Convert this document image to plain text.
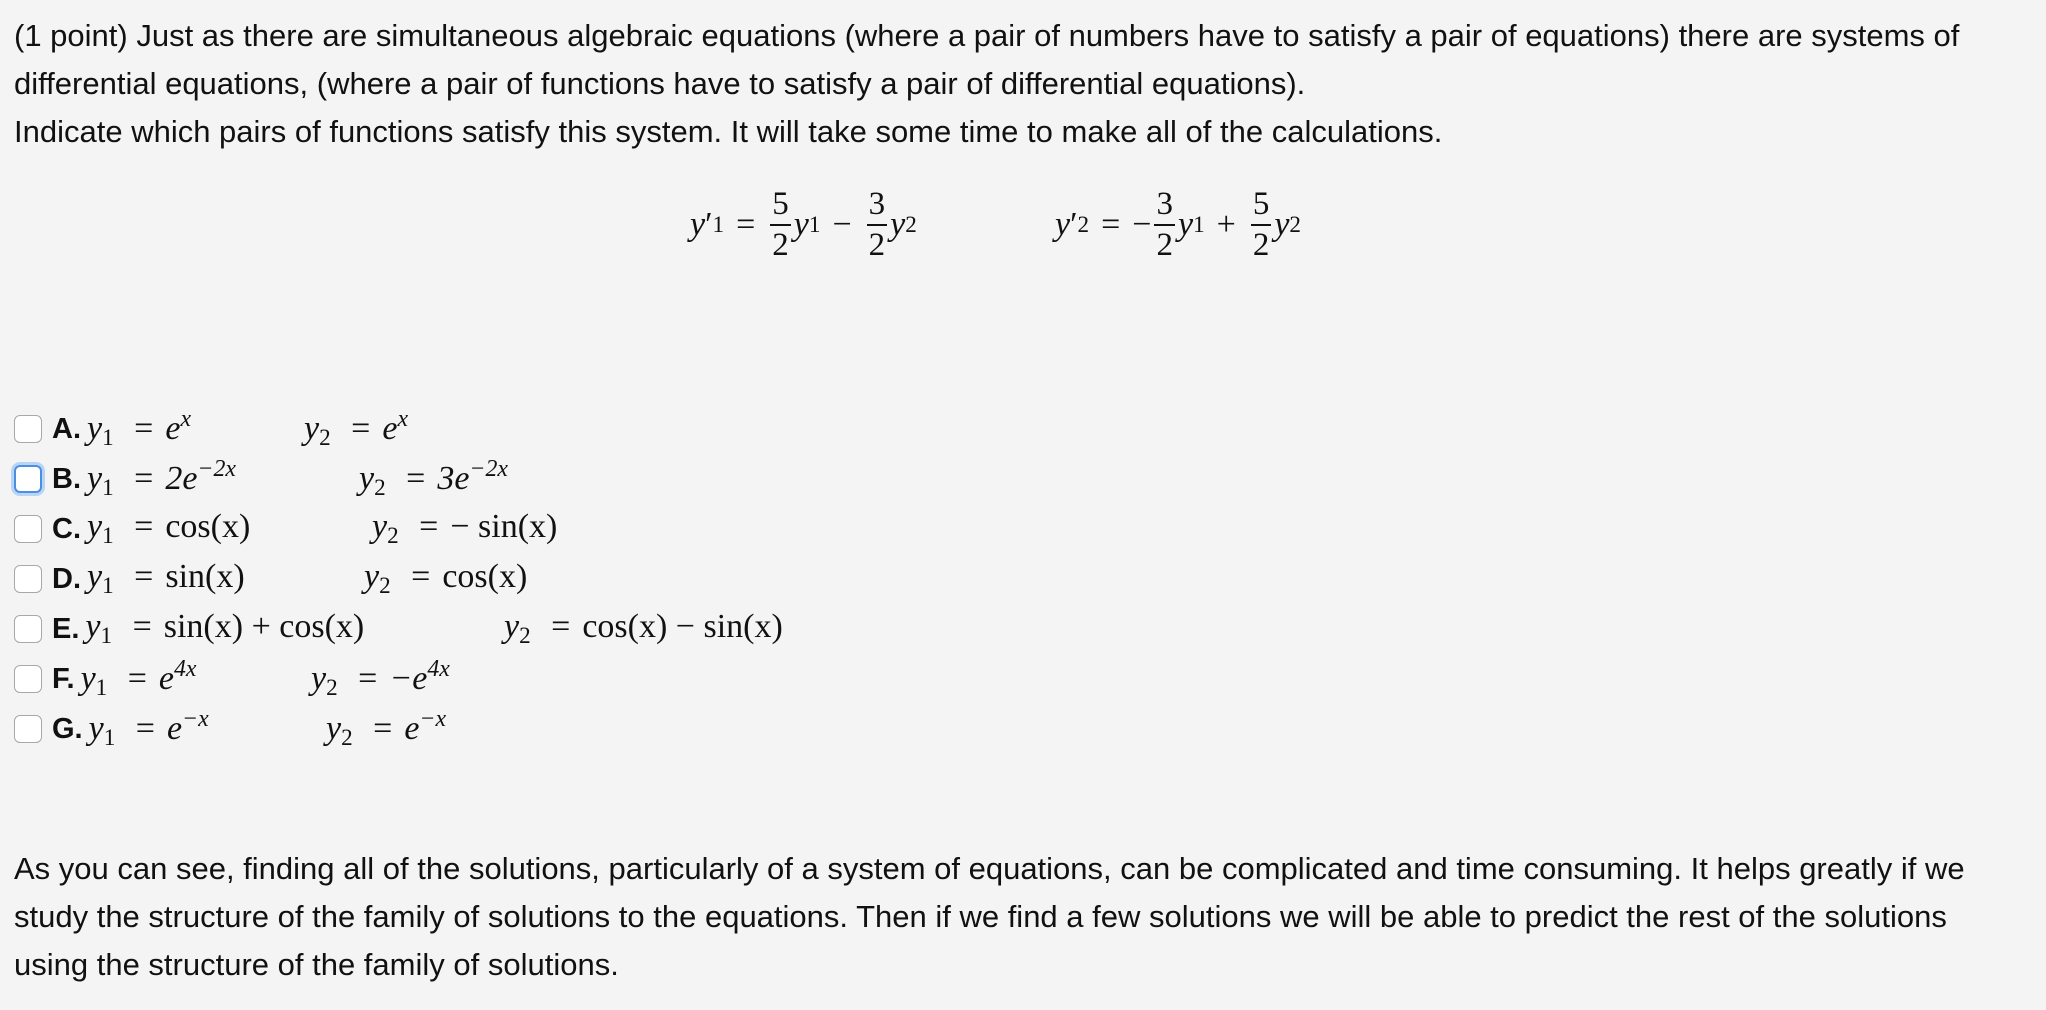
(1 point) Just as there are simultaneous algebraic equations (where a pair of numbers have to satisfy a pair of equations) there are systems of differential equations, (where a pair of functions have to satisfy a pair of differential equations).

Indicate which pairs of functions satisfy this system. It will take some time to make all of the calculations.

y ′ $1 = \frac{5}{2}$ y $1 - \frac{3}{2}$ y 2	y ′ 2 = − $\frac{3}{2}$ y $1 + \frac{5}{2}$ y 2
A. $y_1 = e^x$	$y_2 = e^x$
B. $y_1 = 2e^{-2x}$	$y_2 = 3e^{-2x}$
C. $y_1 = \cos(x)$	$y_2$ = − sin(x)
D. $y_1 = \sin(x)$	$y_2 = \cos(x)$
E. $y_1 = \sin(x) + \cos(x)$	$y_2 = \cos(x) - \sin(x)$
F. $y_1 = e^{4x}$	$y_2 = -e^{4x}$
G. $y_1 = e^{-x}$	$y_2 = e^{-x}$

As you can see, finding all of the solutions, particularly of a system of equations, can be complicated and time consuming. It helps greatly if we study the structure of the family of solutions to the equations. Then if we find a few solutions we will be able to predict the rest of the solutions using the structure of the family of solutions.
